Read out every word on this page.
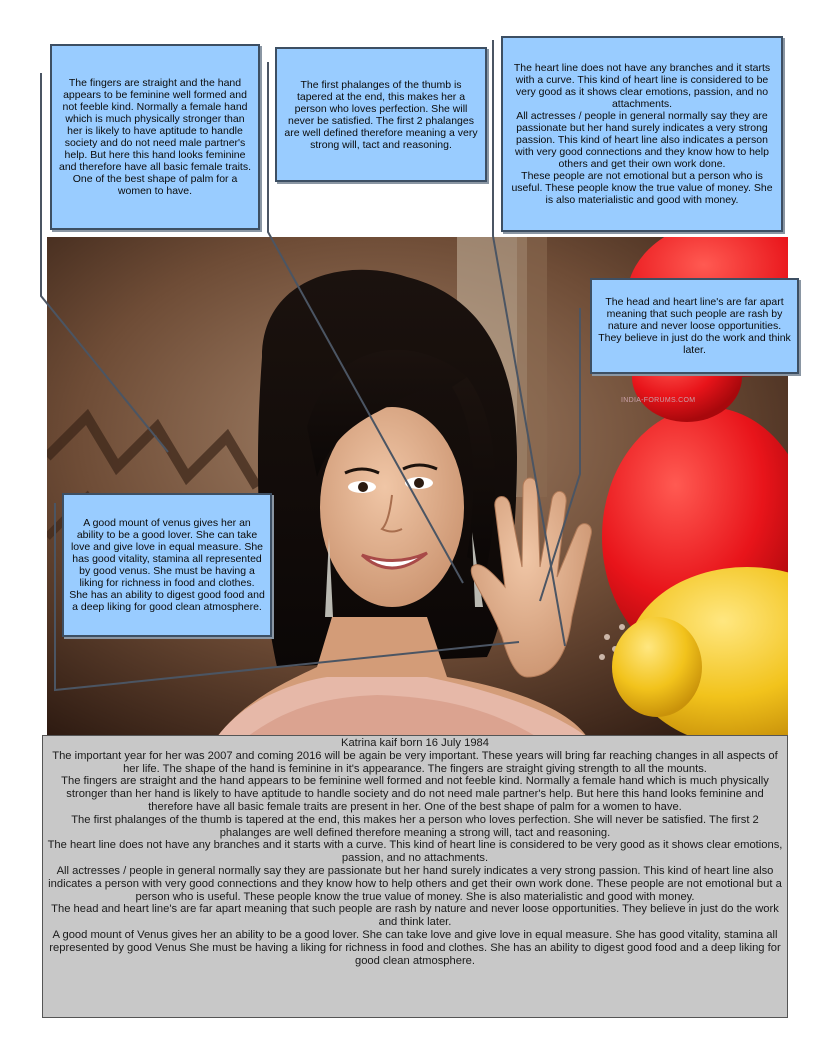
INDIA-FORUMS.COM

The fingers are straight and the hand appears to be feminine well formed and not feeble kind. Normally a female hand which is much physically stronger than her is likely to have aptitude to handle society and do not need male partner's help. But here this hand looks feminine and therefore have all basic female traits. One of the best shape of palm for a women to have.

The first phalanges of the thumb is tapered at the end, this makes her a person who loves perfection. She will never be satisfied. The first 2 phalanges are well defined therefore meaning a very strong will, tact and reasoning.

The heart line does not have any branches and it starts with a curve. This kind of heart line is considered to be very good as it shows clear emotions, passion, and no attachments.

All actresses / people in general normally say they are passionate but her hand surely indicates a very strong passion. This kind of heart line also indicates a person with very good connections and they know how to help others and get their own work done.

These people are not emotional but a person who is useful. These people know the true value of money. She is also materialistic and good with money.

The head and heart line's are far apart meaning that such people are rash by nature and never loose opportunities. They believe in just do the work and think later.

A good mount of venus gives her an ability to be a good lover. She can take love and give love in equal measure. She has good vitality, stamina all represented by good venus. She must be having a liking for richness in food and clothes. She has an ability to digest good food and a deep liking for good clean atmosphere.

Katrina kaif born 16 July 1984
The important year for her was 2007 and coming 2016 will be again be very important. These years will bring far reaching changes in all aspects of her life. The shape of the hand is feminine in it's appearance. The fingers are straight giving strength to all the mounts.
The fingers are straight and the hand appears to be feminine well formed and not feeble kind. Normally a female hand which is much physically stronger than her hand is likely to have aptitude to handle society and do not need male partner's help. But here this hand looks feminine and therefore have all basic female traits are present in her. One of the best shape of palm for a women to have.
The first phalanges of the thumb is tapered at the end, this makes her a person who loves perfection. She will never be satisfied. The first 2 phalanges are well defined therefore meaning a strong will, tact and reasoning.
The heart line does not have any branches and it starts with a curve. This kind of heart line is considered to be very good as it shows clear emotions, passion, and no attachments.
All actresses / people in general normally say they are passionate but her hand surely indicates a very strong passion. This kind of heart line also indicates a person with very good connections and they know how to help others and get their own work done. These people are not emotional but a person who is useful. These people know the true value of money. She is also materialistic and good with money.
The head and heart line's are far apart meaning that such people are rash by nature and never loose opportunities. They believe in just do the work and think later.
A good mount of Venus gives her an ability to be a good lover. She can take love and give love in equal measure. She has good vitality, stamina all represented by good Venus She must be having a liking for richness in food and clothes. She has an ability to digest good food and a deep liking for good clean atmosphere.
